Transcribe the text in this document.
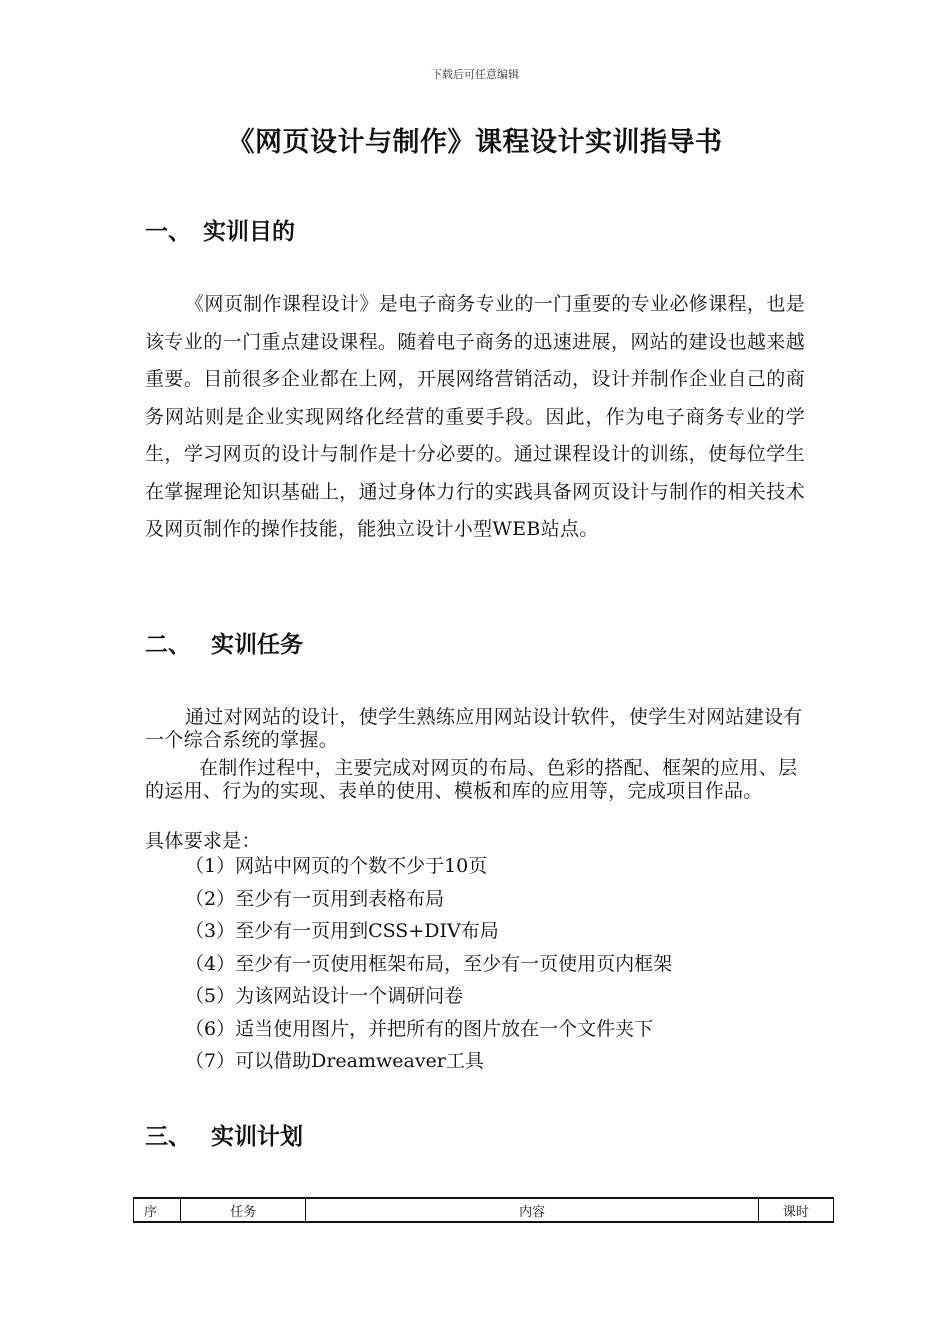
下载后可任意编辑
《网页设计与制作》课程设计实训指导书
一、 实训目的
《网页制作课程设计》是电子商务专业的一门重要的专业必修课程，也是该专业的一门重点建设课程。随着电子商务的迅速进展，网站的建设也越来越重要。目前很多企业都在上网，开展网络营销活动，设计并制作企业自己的商务网站则是企业实现网络化经营的重要手段。因此，作为电子商务专业的学生，学习网页的设计与制作是十分必要的。通过课程设计的训练，使每位学生在掌握理论知识基础上，通过身体力行的实践具备网页设计与制作的相关技术及网页制作的操作技能，能独立设计小型WEB站点。
二、 实训任务
通过对网站的设计，使学生熟练应用网站设计软件，使学生对网站建设有一个综合系统的掌握。
在制作过程中，主要完成对网页的布局、色彩的搭配、框架的应用、层的运用、行为的实现、表单的使用、模板和库的应用等，完成项目作品。
具体要求是：
（1）网站中网页的个数不少于10页
（2）至少有一页用到表格布局
（3）至少有一页用到CSS+DIV布局
（4）至少有一页使用框架布局，至少有一页使用页内框架
（5）为该网站设计一个调研问卷
（6）适当使用图片，并把所有的图片放在一个文件夹下
（7）可以借助Dreamweaver工具
三、 实训计划
序	任务	内容	课时
